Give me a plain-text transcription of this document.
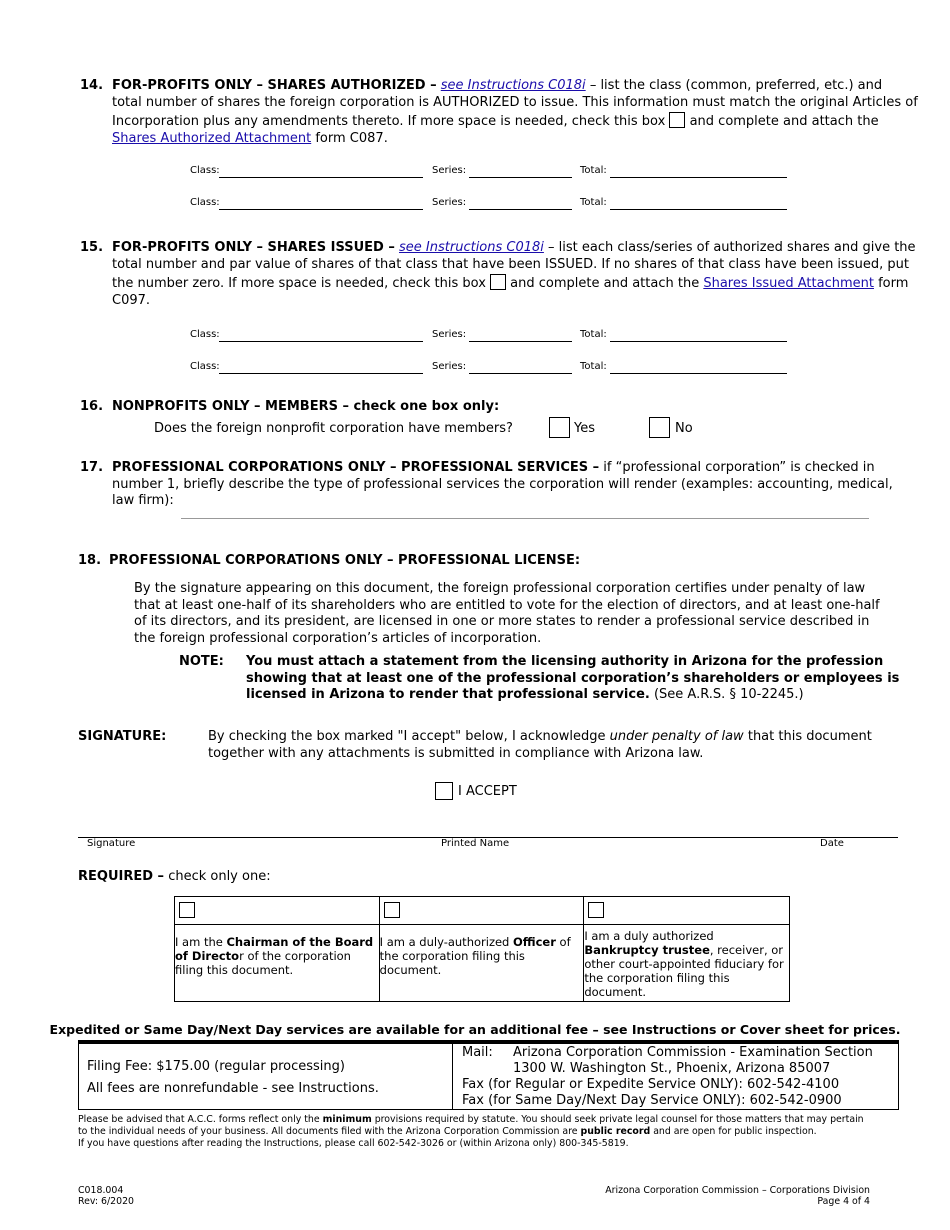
14. FOR-PROFITS ONLY – SHARES AUTHORIZED – see Instructions C018i – list the class (common, preferred, etc.) and
total number of shares the foreign corporation is AUTHORIZED to issue. This information must match the original Articles of
Incorporation plus any amendments thereto. If more space is needed, check this box and complete and attach the
Shares Authorized Attachment form C087.
Class:	Series:	Total:
Class:	Series:	Total:
15. FOR-PROFITS ONLY – SHARES ISSUED – see Instructions C018i – list each class/series of authorized shares and give the
total number and par value of shares of that class that have been ISSUED. If no shares of that class have been issued, put
the number zero. If more space is needed, check this box and complete and attach the Shares Issued Attachment form
C097.
Class:	Series:	Total:
Class:	Series:	Total:
16. NONPROFITS ONLY – MEMBERS – check one box only:
Does the foreign nonprofit corporation have members?	Yes	No
17. PROFESSIONAL CORPORATIONS ONLY – PROFESSIONAL SERVICES – if “professional corporation” is checked in
number 1, briefly describe the type of professional services the corporation will render (examples: accounting, medical,
law firm):
18. PROFESSIONAL CORPORATIONS ONLY – PROFESSIONAL LICENSE:
By the signature appearing on this document, the foreign professional corporation certifies under penalty of law
that at least one-half of its shareholders who are entitled to vote for the election of directors, and at least one-half
of its directors, and its president, are licensed in one or more states to render a professional service described in
the foreign professional corporation’s articles of incorporation.
NOTE: You must attach a statement from the licensing authority in Arizona for the profession
showing that at least one of the professional corporation’s shareholders or employees is
licensed in Arizona to render that professional service. (See A.R.S. § 10-2245.)
SIGNATURE:	By checking the box marked "I accept" below, I acknowledge under penalty of law that this document
together with any attachments is submitted in compliance with Arizona law.
I ACCEPT
Signature	Printed Name	Date
REQUIRED – check only one:

I am the Chairman of the Board of Director of the corporation filing this document.	I am a duly-authorized Officer of the corporation filing this document.	I am a duly authorized Bankruptcy trustee, receiver, or other court-appointed fiduciary for the corporation filing this document.
Expedited or Same Day/Next Day services are available for an additional fee – see Instructions or Cover sheet for prices.
Filing Fee: $175.00 (regular processing)
All fees are nonrefundable - see Instructions.
Mail: Arizona Corporation Commission - Examination Section
1300 W. Washington St., Phoenix, Arizona 85007
Fax (for Regular or Expedite Service ONLY): 602-542-4100
Fax (for Same Day/Next Day Service ONLY): 602-542-0900
Please be advised that A.C.C. forms reflect only the minimum provisions required by statute. You should seek private legal counsel for those matters that may pertain
to the individual needs of your business. All documents filed with the Arizona Corporation Commission are public record and are open for public inspection.
If you have questions after reading the Instructions, please call 602-542-3026 or (within Arizona only) 800-345-5819.
C018.004
Rev: 6/2020
Arizona Corporation Commission – Corporations Division
Page 4 of 4
